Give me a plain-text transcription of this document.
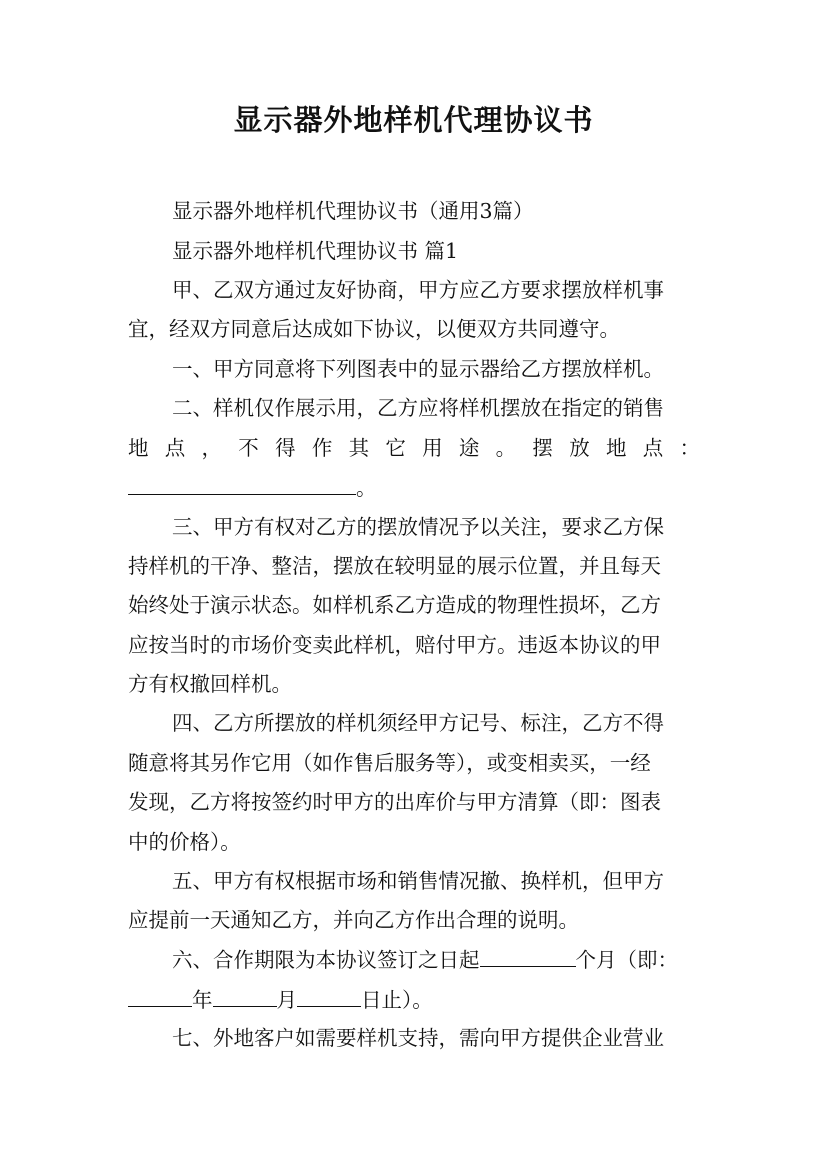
显示器外地样机代理协议书
显示器外地样机代理协议书（通用3篇）
显示器外地样机代理协议书 篇1
甲、乙双方通过友好协商，甲方应乙方要求摆放样机事
宜，经双方同意后达成如下协议，以便双方共同遵守。
一、甲方同意将下列图表中的显示器给乙方摆放样机。
二、样机仅作展示用，乙方应将样机摆放在指定的销售
地 点 ， 不 得 作 其 它 用 途 。 摆 放 地 点 ：
。
三、甲方有权对乙方的摆放情况予以关注，要求乙方保
持样机的干净、整洁，摆放在较明显的展示位置，并且每天
始终处于演示状态。如样机系乙方造成的物理性损坏，乙方
应按当时的市场价变卖此样机，赔付甲方。违返本协议的甲
方有权撤回样机。
四、乙方所摆放的样机须经甲方记号、标注，乙方不得
随意将其另作它用（如作售后服务等），或变相卖买，一经
发现，乙方将按签约时甲方的出库价与甲方清算（即：图表
中的价格）。
五、甲方有权根据市场和销售情况撤、换样机，但甲方
应提前一天通知乙方，并向乙方作出合理的说明。
六、合作期限为本协议签订之日起	个月（即：
年	月	日止）。
七、外地客户如需要样机支持，需向甲方提供企业营业
